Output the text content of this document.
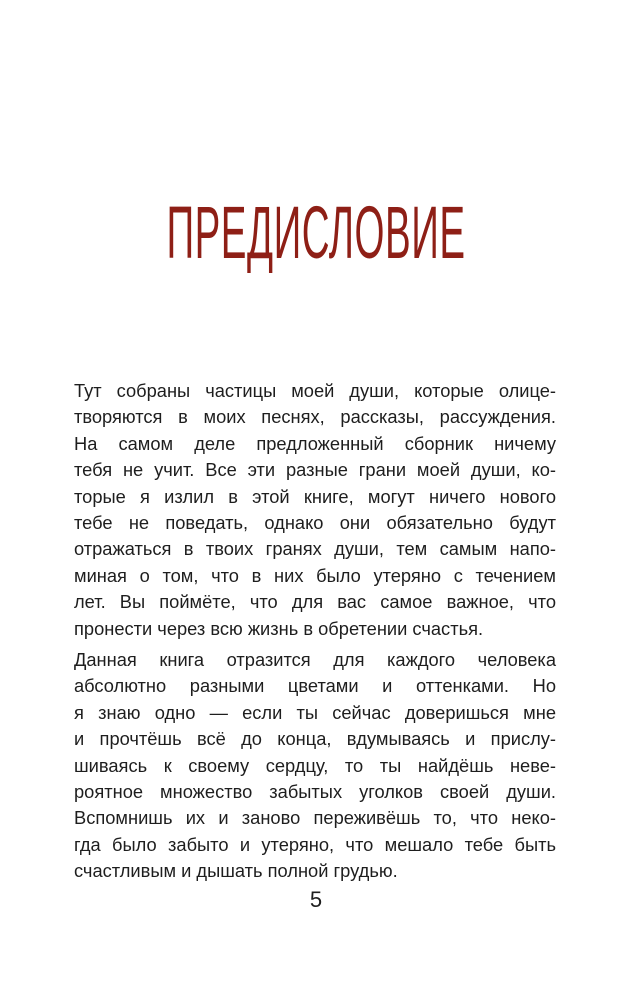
ПРЕДИСЛОВИЕ
Тут собраны частицы моей души, которые олице-
творяются в моих песнях, рассказы, рассуждения.
На самом деле предложенный сборник ничему
тебя не учит. Все эти разные грани моей души, ко-
торые я излил в этой книге, могут ничего нового
тебе не поведать, однако они обязательно будут
отражаться в твоих гранях души, тем самым напо-
миная о том, что в них было утеряно с течением
лет. Вы поймёте, что для вас самое важное, что
пронести через всю жизнь в обретении счастья.
Данная книга отразится для каждого человека
абсолютно разными цветами и оттенками. Но
я знаю одно — если ты сейчас доверишься мне
и прочтёшь всё до конца, вдумываясь и прислу-
шиваясь к своему сердцу, то ты найдёшь неве-
роятное множество забытых уголков своей души.
Вспомнишь их и заново переживёшь то, что неко-
гда было забыто и утеряно, что мешало тебе быть
счастливым и дышать полной грудью.
5
